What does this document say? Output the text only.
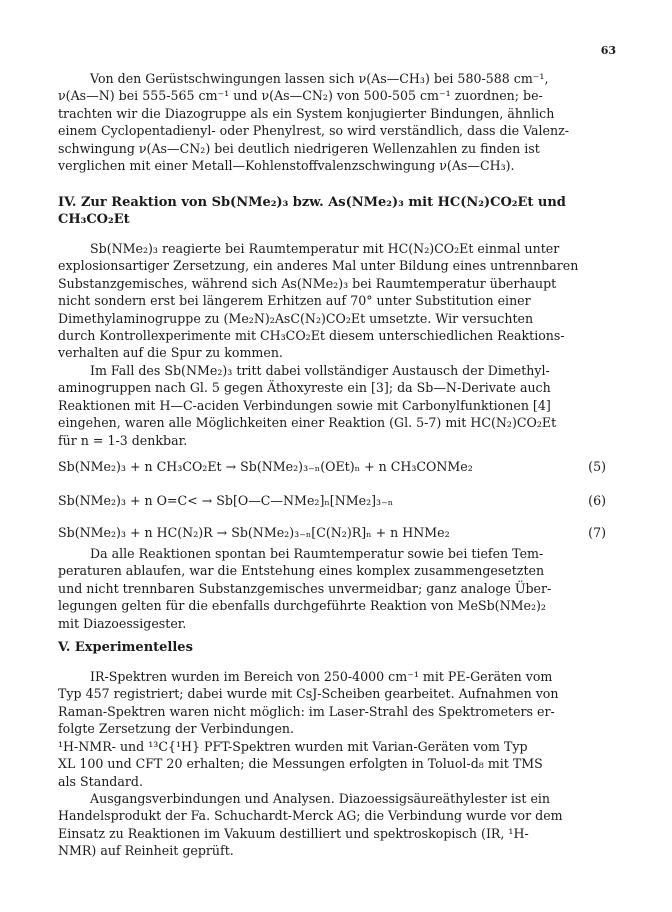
63

Von den Gerüstschwingungen lassen sich ν(As—CH₃) bei 580-588 cm⁻¹,

ν(As—N) bei 555-565 cm⁻¹ und ν(As—CN₂) von 500-505 cm⁻¹ zuordnen; be-

trachten wir die Diazogruppe als ein System konjugierter Bindungen, ähnlich

einem Cyclopentadienyl- oder Phenylrest, so wird verständlich, dass die Valenz-

schwingung ν(As—CN₂) bei deutlich niedrigeren Wellenzahlen zu finden ist

verglichen mit einer Metall—Kohlenstoffvalenzschwingung ν(As—CH₃).

IV. Zur Reaktion von Sb(NMe₂)₃ bzw. As(NMe₂)₃ mit HC(N₂)CO₂Et und

CH₃CO₂Et

Sb(NMe₂)₃ reagierte bei Raumtemperatur mit HC(N₂)CO₂Et einmal unter

explosionsartiger Zersetzung, ein anderes Mal unter Bildung eines untrennbaren

Substanzgemisches, während sich As(NMe₂)₃ bei Raumtemperatur überhaupt

nicht sondern erst bei längerem Erhitzen auf 70° unter Substitution einer

Dimethylaminogruppe zu (Me₂N)₂AsC(N₂)CO₂Et umsetzte. Wir versuchten

durch Kontrollexperimente mit CH₃CO₂Et diesem unterschiedlichen Reaktions-

verhalten auf die Spur zu kommen.

Im Fall des Sb(NMe₂)₃ tritt dabei vollständiger Austausch der Dimethyl-

aminogruppen nach Gl. 5 gegen Äthoxyreste ein [3]; da Sb—N-Derivate auch

Reaktionen mit H—C-aciden Verbindungen sowie mit Carbonylfunktionen [4]

eingehen, waren alle Möglichkeiten einer Reaktion (Gl. 5-7) mit HC(N₂)CO₂Et

für n = 1-3 denkbar.

Sb(NMe₂)₃ + n CH₃CO₂Et → Sb(NMe₂)₃₋ₙ(OEt)ₙ + n CH₃CONMe₂	(5)
Sb(NMe₂)₃ + n O=C< → Sb[O—C—NMe₂]ₙ[NMe₂]₃₋ₙ	(6)
Sb(NMe₂)₃ + n HC(N₂)R → Sb(NMe₂)₃₋ₙ[C(N₂)R]ₙ + n HNMe₂	(7)

Da alle Reaktionen spontan bei Raumtemperatur sowie bei tiefen Tem-

peraturen ablaufen, war die Entstehung eines komplex zusammengesetzten

und nicht trennbaren Substanzgemisches unvermeidbar; ganz analoge Über-

legungen gelten für die ebenfalls durchgeführte Reaktion von MeSb(NMe₂)₂

mit Diazoessigester.

V. Experimentelles

IR-Spektren wurden im Bereich von 250-4000 cm⁻¹ mit PE-Geräten vom

Typ 457 registriert; dabei wurde mit CsJ-Scheiben gearbeitet. Aufnahmen von

Raman-Spektren waren nicht möglich: im Laser-Strahl des Spektrometers er-

folgte Zersetzung der Verbindungen.

¹H-NMR- und ¹³C{¹H} PFT-Spektren wurden mit Varian-Geräten vom Typ

XL 100 und CFT 20 erhalten; die Messungen erfolgten in Toluol-d₈ mit TMS

als Standard.

Ausgangsverbindungen und Analysen. Diazoessigsäureäthylester ist ein

Handelsprodukt der Fa. Schuchardt-Merck AG; die Verbindung wurde vor dem

Einsatz zu Reaktionen im Vakuum destilliert und spektroskopisch (IR, ¹H-

NMR) auf Reinheit geprüft.
